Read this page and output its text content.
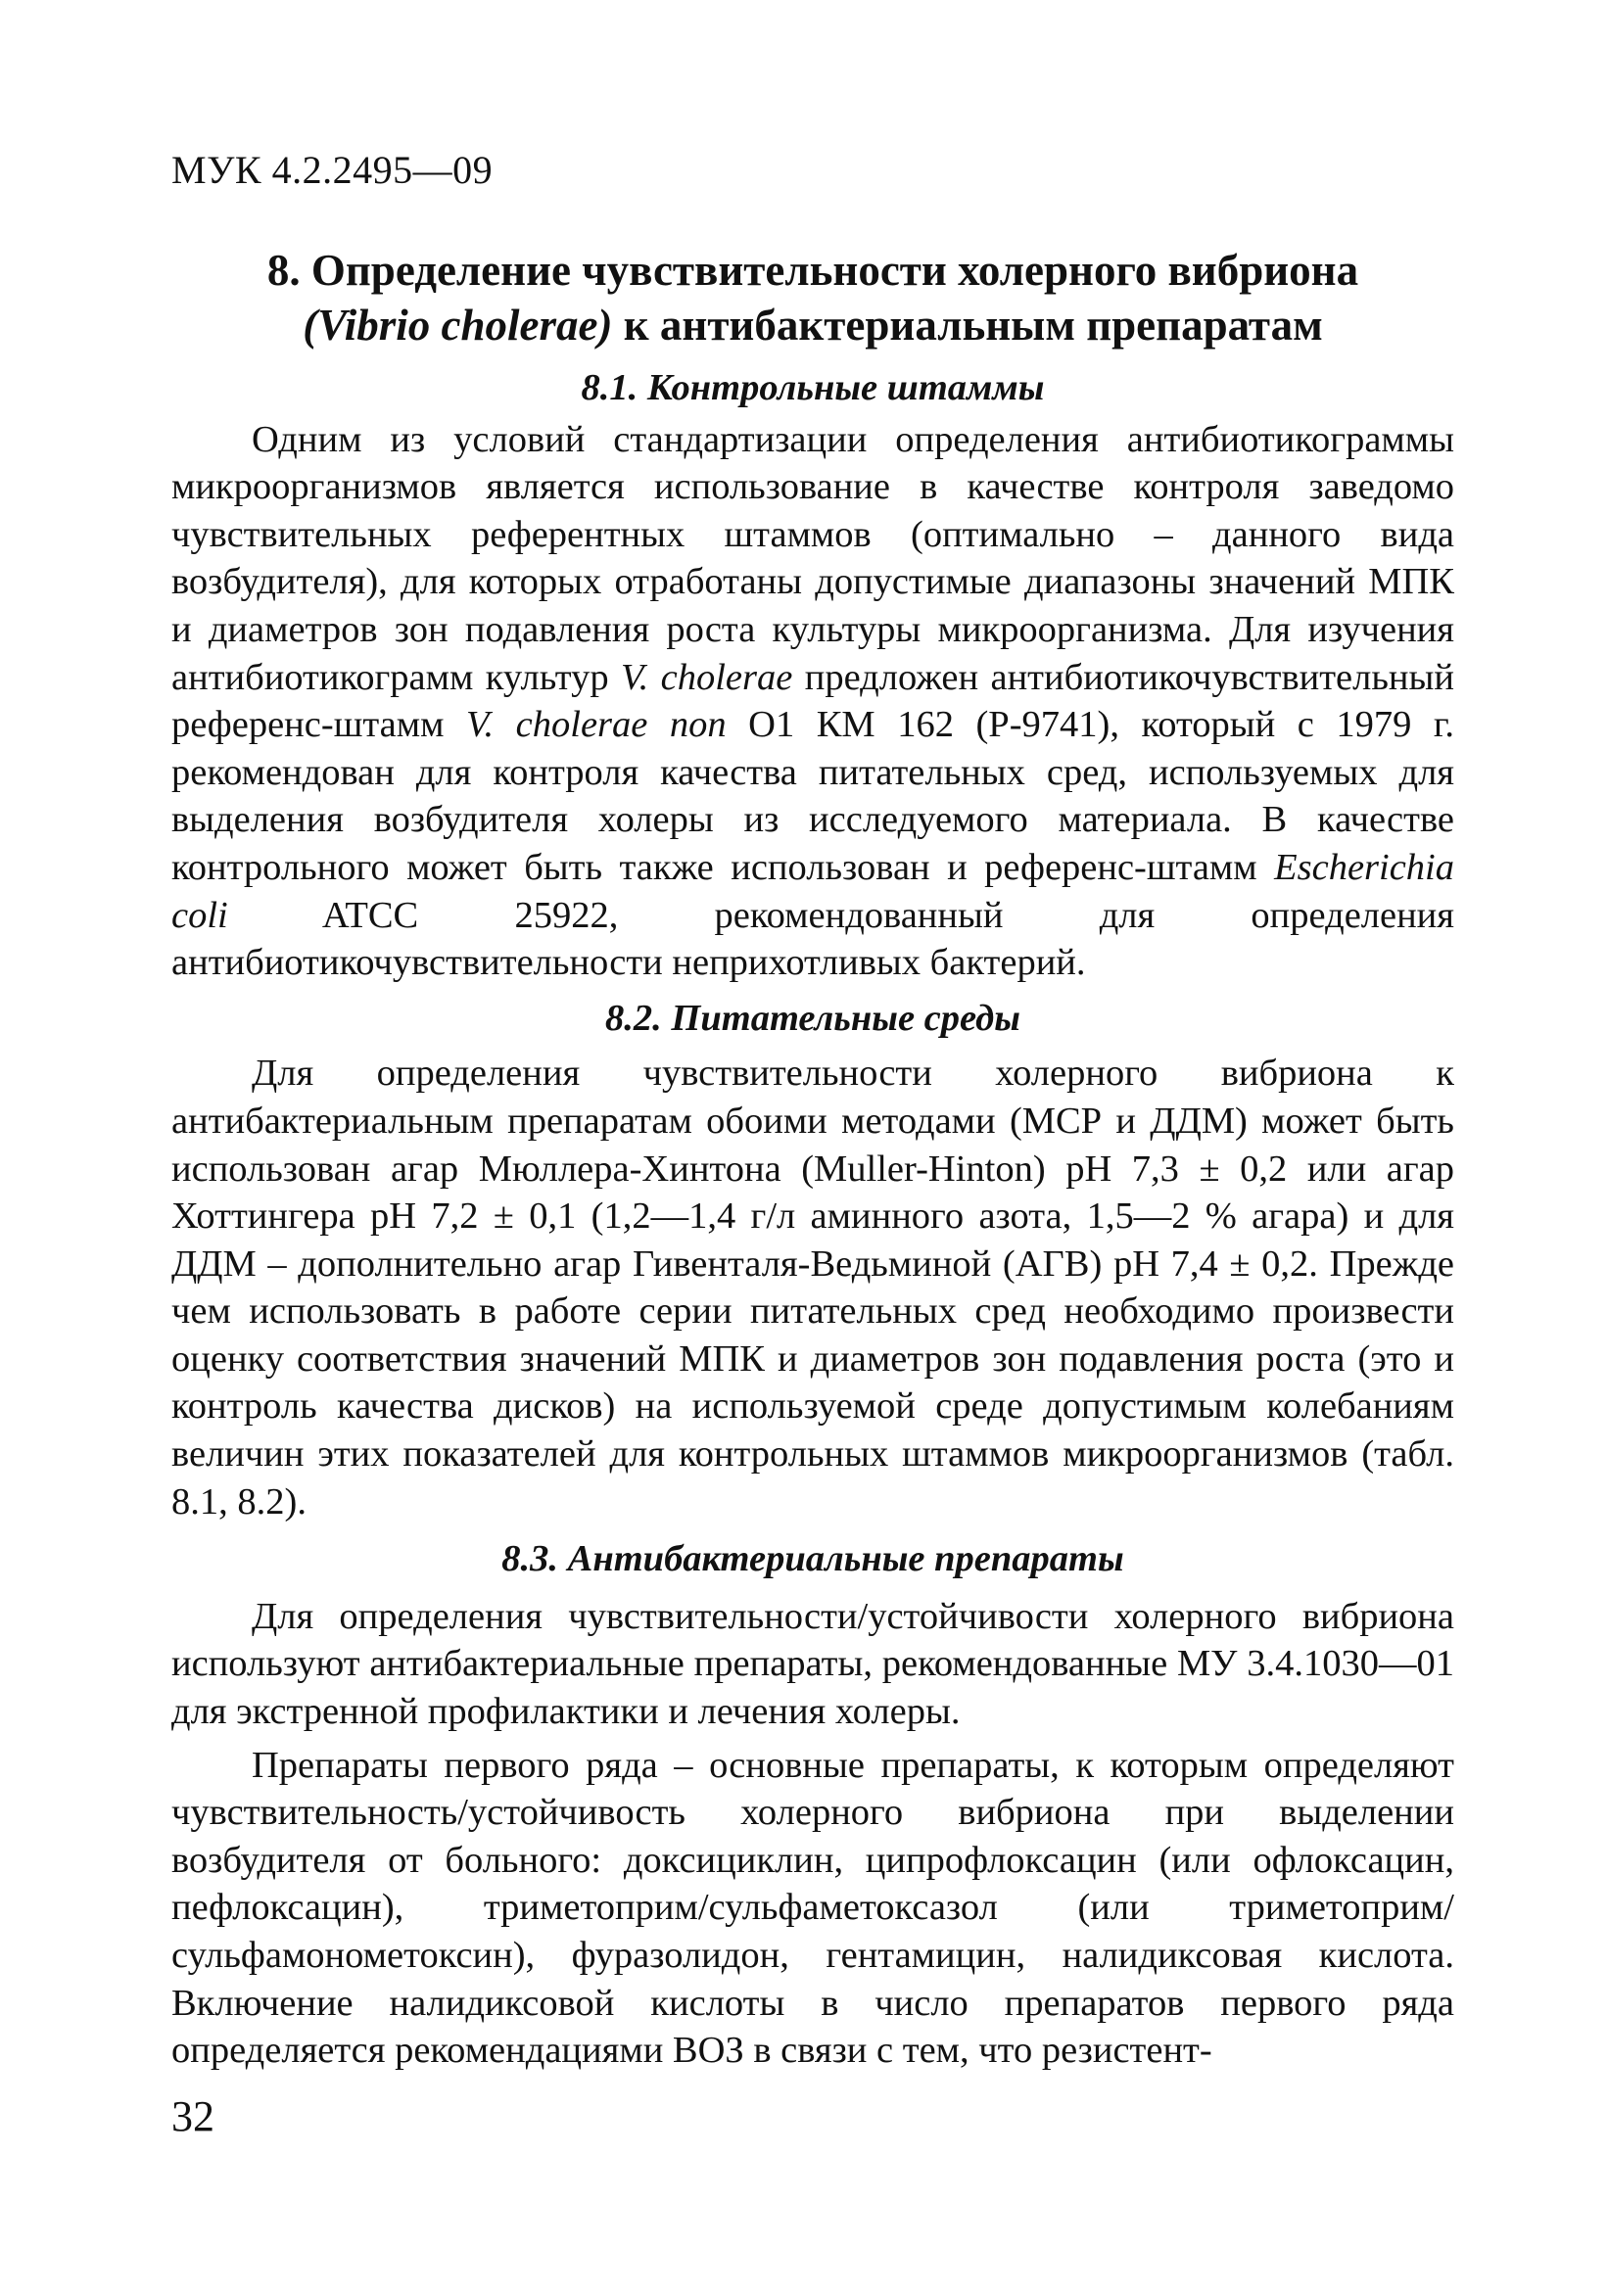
МУК 4.2.2495—09
8. Определение чувствительности холерного вибриона
(Vibrio cholerae) к антибактериальным препаратам

8.1. Контрольные штаммы

Одним из условий стандартизации определения антибиотикограммы микроорганизмов является использование в качестве контроля заведомо чувствительных референтных штаммов (оптимально – данного вида возбудителя), для которых отработаны допустимые диапазоны значений МПК и диаметров зон подавления роста культуры микроорганизма. Для изучения антибиотикограмм культур V. cholerae предложен антибиотикочувствительный референс-штамм V. cholerae non O1 КМ 162 (Р-9741), который с 1979 г. рекомендован для контроля качества питательных сред, используемых для выделения возбудителя холеры из исследуемого материала. В качестве контрольного может быть также использован и референс-штамм Escherichia coli ATCC 25922, рекомендованный для определения антибиотикочувствительности неприхотливых бактерий.

8.2. Питательные среды

Для определения чувствительности холерного вибриона к антибактериальным препаратам обоими методами (МСР и ДДМ) может быть использован агар Мюллера-Хинтона (Muller-Hinton) pH 7,3 ± 0,2 или агар Хоттингера pH 7,2 ± 0,1 (1,2—1,4 г/л аминного азота, 1,5—2 % агара) и для ДДМ – дополнительно агар Гивенталя-Ведьминой (АГВ) pH 7,4 ± 0,2. Прежде чем использовать в работе серии питательных сред необходимо произвести оценку соответствия значений МПК и диаметров зон подавления роста (это и контроль качества дисков) на используемой среде допустимым колебаниям величин этих показателей для контрольных штаммов микроорганизмов (табл. 8.1, 8.2).

8.3. Антибактериальные препараты

Для определения чувствительности/устойчивости холерного вибриона используют антибактериальные препараты, рекомендованные МУ 3.4.1030—01 для экстренной профилактики и лечения холеры.

Препараты первого ряда – основные препараты, к которым определяют чувствительность/устойчивость холерного вибриона при выделении возбудителя от больного: доксициклин, ципрофлоксацин (или офлоксацин, пефлоксацин), триметоприм/сульфаметоксазол (или триметоприм/сульфамонометоксин), фуразолидон, гентамицин, налидиксовая кислота. Включение налидиксовой кислоты в число препаратов первого ряда определяется рекомендациями ВОЗ в связи с тем, что резистент-

32
